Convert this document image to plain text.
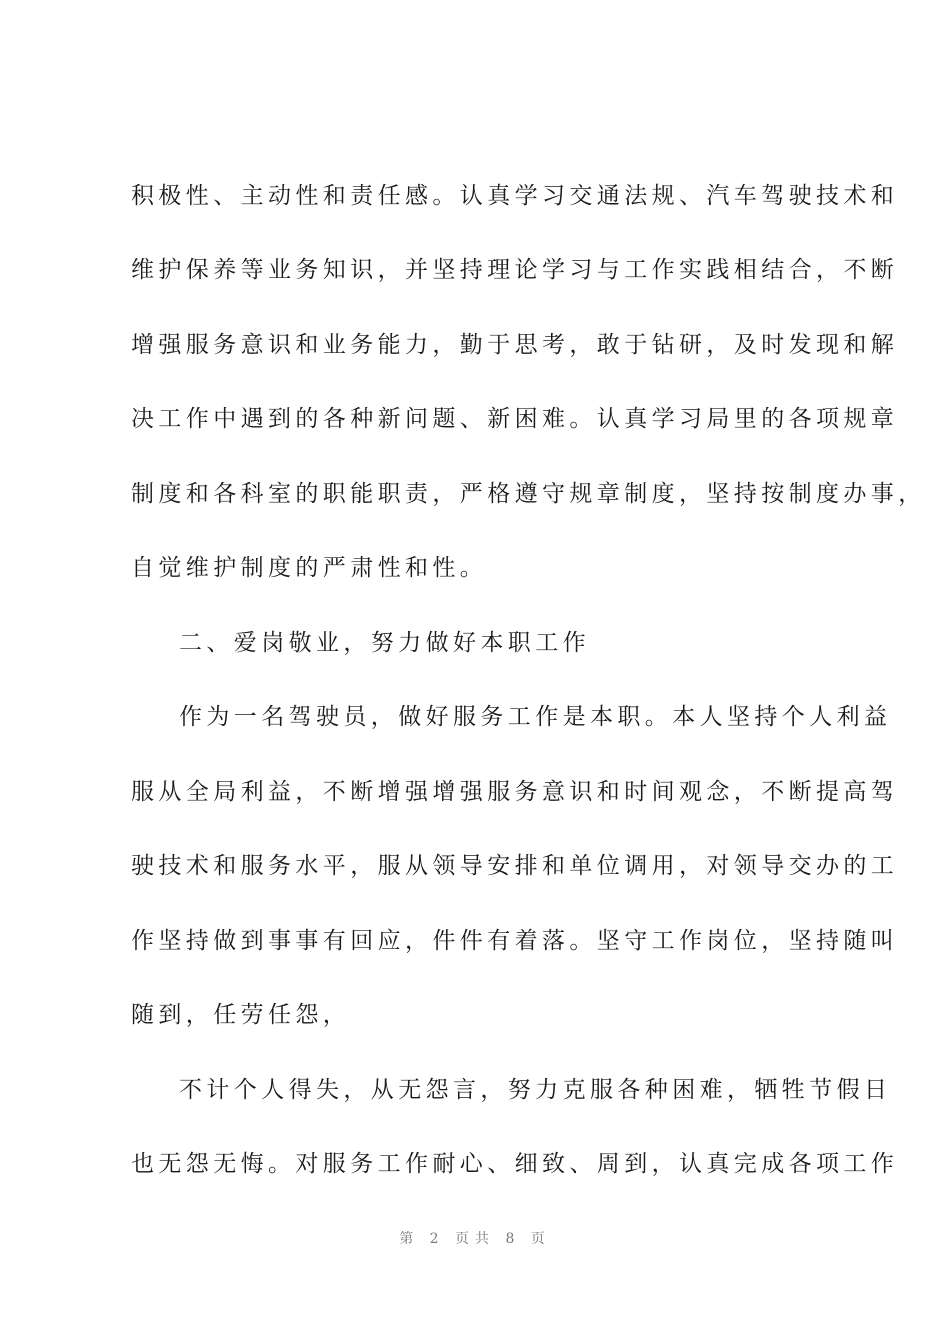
积极性、主动性和责任感。认真学习交通法规、汽车驾驶技术和
维护保养等业务知识，并坚持理论学习与工作实践相结合，不断
增强服务意识和业务能力，勤于思考，敢于钻研，及时发现和解
决工作中遇到的各种新问题、新困难。认真学习局里的各项规章
制度和各科室的职能职责，严格遵守规章制度，坚持按制度办事，
自觉维护制度的严肃性和性。
二、爱岗敬业，努力做好本职工作
作为一名驾驶员，做好服务工作是本职。本人坚持个人利益
服从全局利益，不断增强增强服务意识和时间观念，不断提高驾
驶技术和服务水平，服从领导安排和单位调用，对领导交办的工
作坚持做到事事有回应，件件有着落。坚守工作岗位，坚持随叫
随到，任劳任怨，
不计个人得失，从无怨言，努力克服各种困难，牺牲节假日
也无怨无悔。对服务工作耐心、细致、周到，认真完成各项工作
第 2 页共 8 页
